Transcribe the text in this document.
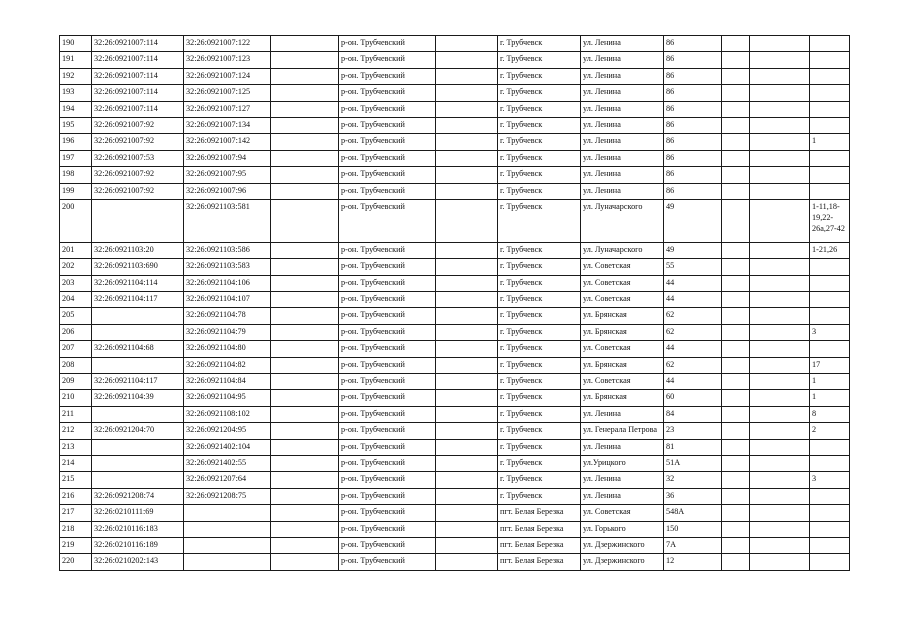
190	32:26:0921007:114	32:26:0921007:122		р-он. Трубчевский		г. Трубчевск	ул. Ленина	86			
191	32:26:0921007:114	32:26:0921007:123		р-он. Трубчевский		г. Трубчевск	ул. Ленина	86			
192	32:26:0921007:114	32:26:0921007:124		р-он. Трубчевский		г. Трубчевск	ул. Ленина	86			
193	32:26:0921007:114	32:26:0921007:125		р-он. Трубчевский		г. Трубчевск	ул. Ленина	86			
194	32:26:0921007:114	32:26:0921007:127		р-он. Трубчевский		г. Трубчевск	ул. Ленина	86			
195	32:26:0921007:92	32:26:0921007:134		р-он. Трубчевский		г. Трубчевск	ул. Ленина	86			
196	32:26:0921007:92	32:26:0921007:142		р-он. Трубчевский		г. Трубчевск	ул. Ленина	86			1
197	32:26:0921007:53	32:26:0921007:94		р-он. Трубчевский		г. Трубчевск	ул. Ленина	86			
198	32:26:0921007:92	32:26:0921007:95		р-он. Трубчевский		г. Трубчевск	ул. Ленина	86			
199	32:26:0921007:92	32:26:0921007:96		р-он. Трубчевский		г. Трубчевск	ул. Ленина	86			
200		32:26:0921103:581		р-он. Трубчевский		г. Трубчевск	ул. Луначарского	49			1-11,18-19,22-26а,27-42
201	32:26:0921103:20	32:26:0921103:586		р-он. Трубчевский		г. Трубчевск	ул. Луначарского	49			1-21,26
202	32:26:0921103:690	32:26:0921103:583		р-он. Трубчевский		г. Трубчевск	ул. Советская	55			
203	32:26:0921104:114	32:26:0921104:106		р-он. Трубчевский		г. Трубчевск	ул. Советская	44			
204	32:26:0921104:117	32:26:0921104:107		р-он. Трубчевский		г. Трубчевск	ул. Советская	44			
205		32:26:0921104:78		р-он. Трубчевский		г. Трубчевск	ул. Брянская	62			
206		32:26:0921104:79		р-он. Трубчевский		г. Трубчевск	ул. Брянская	62			3
207	32:26:0921104:68	32:26:0921104:80		р-он. Трубчевский		г. Трубчевск	ул. Советская	44			
208		32:26:0921104:82		р-он. Трубчевский		г. Трубчевск	ул. Брянская	62			17
209	32:26:0921104:117	32:26:0921104:84		р-он. Трубчевский		г. Трубчевск	ул. Советская	44			1
210	32:26:0921104:39	32:26:0921104:95		р-он. Трубчевский		г. Трубчевск	ул. Брянская	60			1
211		32:26:0921108:102		р-он. Трубчевский		г. Трубчевск	ул. Ленина	84			8
212	32:26:0921204:70	32:26:0921204:95		р-он. Трубчевский		г. Трубчевск	ул. Генерала Петрова	23			2
213		32:26:0921402:104		р-он. Трубчевский		г. Трубчевск	ул. Ленина	81			
214		32:26:0921402:55		р-он. Трубчевский		г. Трубчевск	ул.Урицкого	51А			
215		32:26:0921207:64		р-он. Трубчевский		г. Трубчевск	ул. Ленина	32			3
216	32:26:0921208:74	32:26:0921208:75		р-он. Трубчевский		г. Трубчевск	ул. Ленина	36			
217	32:26:0210111:69			р-он. Трубчевский		пгт. Белая Березка	ул. Советская	548А			
218	32:26:0210116:183			р-он. Трубчевский		пгт. Белая Березка	ул. Горького	150			
219	32:26:0210116:189			р-он. Трубчевский		пгт. Белая Березка	ул. Дзержинского	7А			
220	32:26:0210202:143			р-он. Трубчевский		пгт. Белая Березка	ул. Дзержинского	12			
